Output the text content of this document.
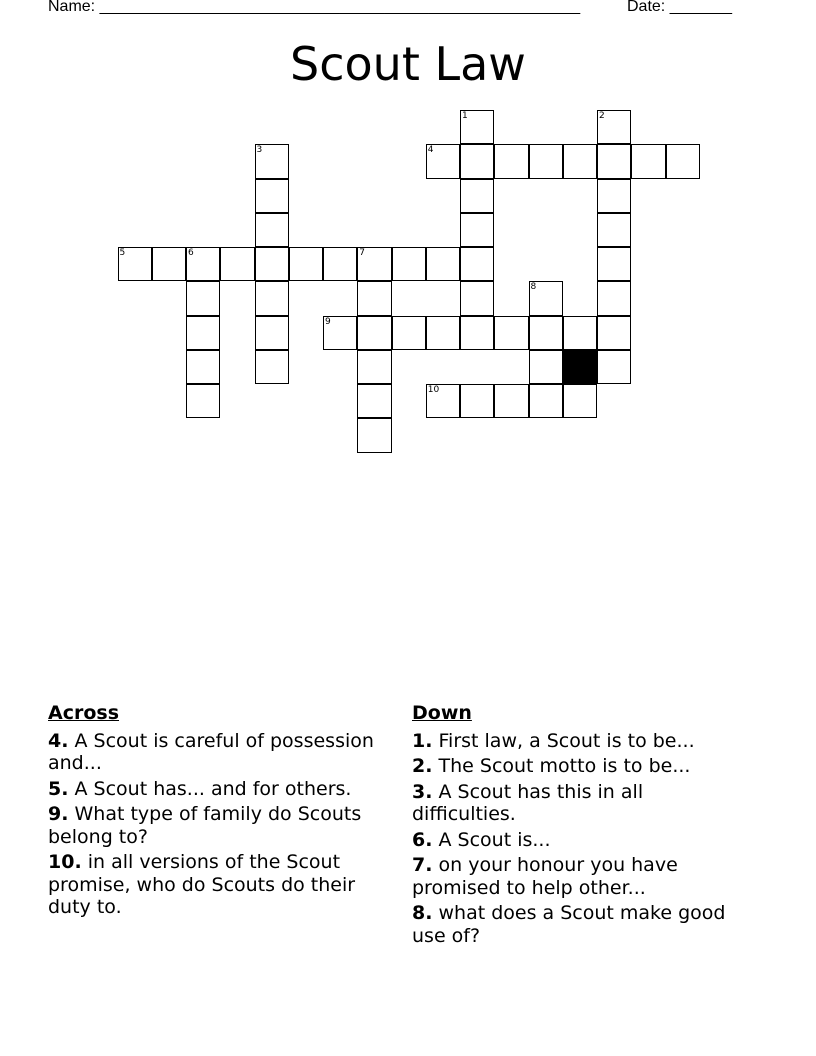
Name: ______________________________________________________	Date: _______
Scout Law
1	2
3	4
5	6	7
8
9
10
Across
4. A Scout is careful of possession and...
5. A Scout has... and for others.
9. What type of family do Scouts belong to?
10. in all versions of the Scout promise, who do Scouts do their duty to.
Down
1. First law, a Scout is to be...
2. The Scout motto is to be...
3. A Scout has this in all difficulties.
6. A Scout is...
7. on your honour you have promised to help other...
8. what does a Scout make good use of?
